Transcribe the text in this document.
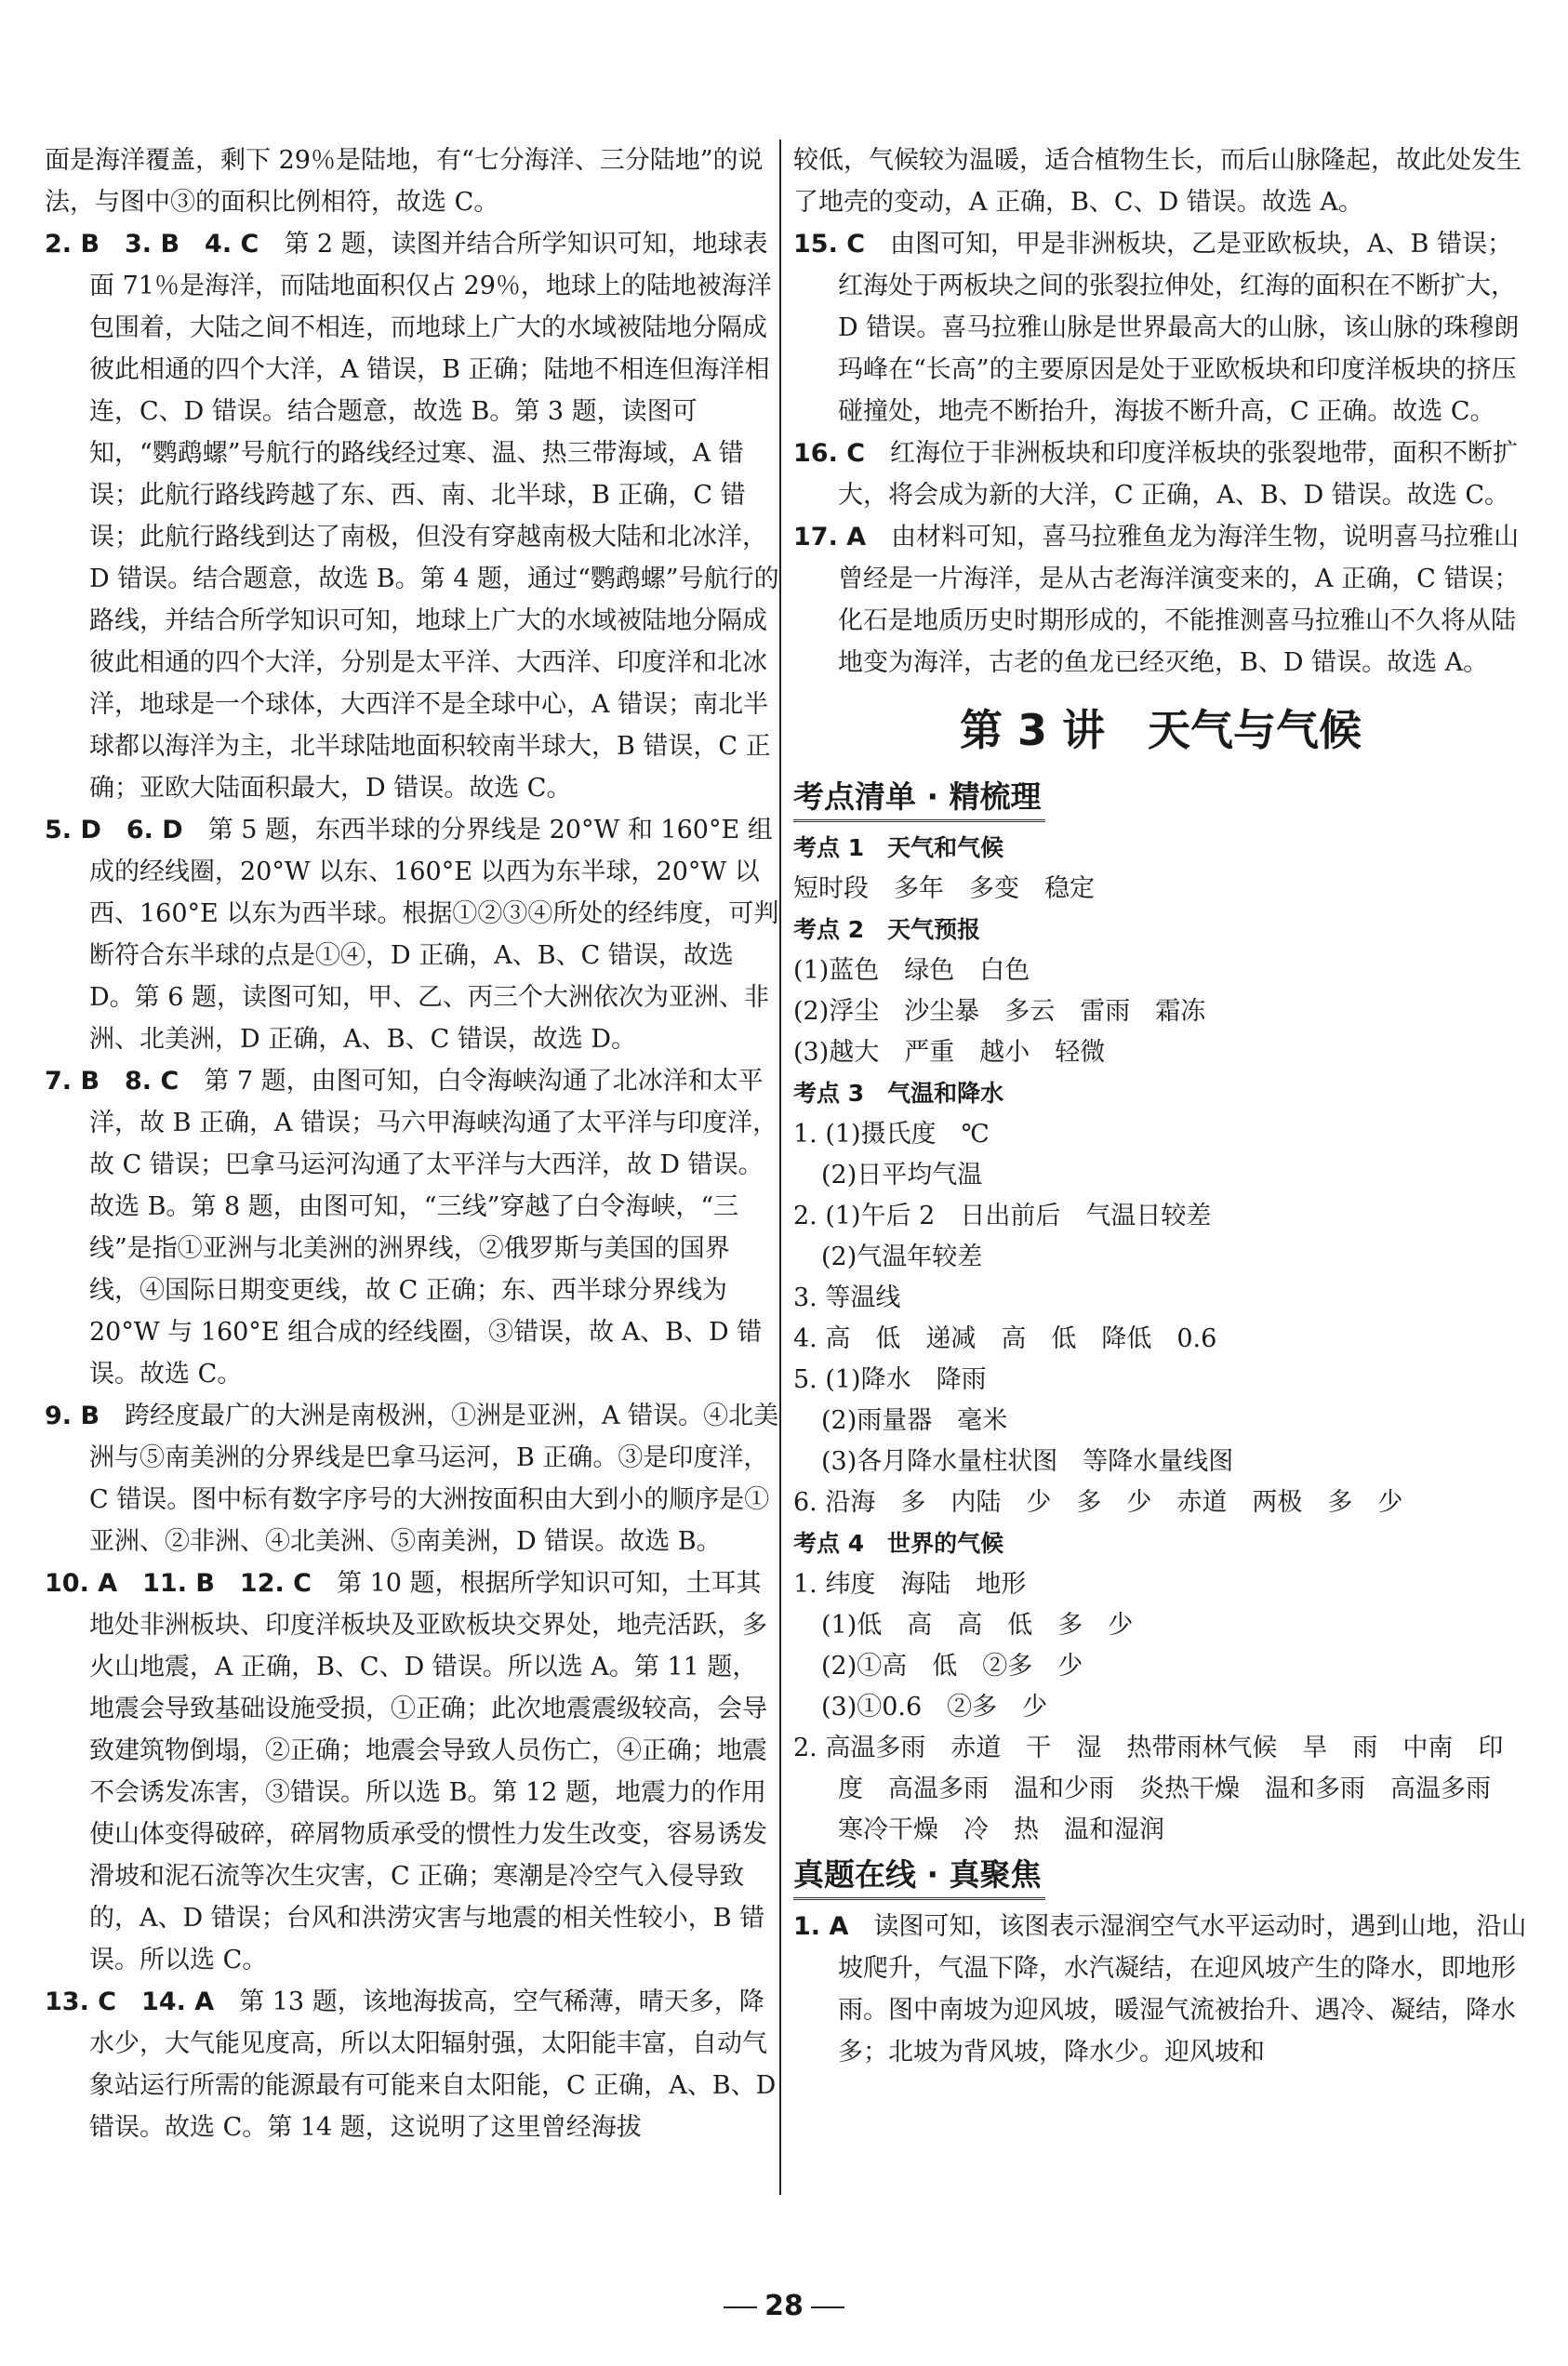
面是海洋覆盖，剩下 29％是陆地，有“七分海洋、三分陆地”的说法，与图中③的面积比例相符，故选 C。

2. B　3. B　4. C　 第 2 题，读图并结合所学知识可知，地球表面 71％是海洋，而陆地面积仅占 29％，地球上的陆地被海洋包围着，大陆之间不相连，而地球上广大的水域被陆地分隔成彼此相通的四个大洋，A 错误，B 正确；陆地不相连但海洋相连，C、D 错误。结合题意，故选 B。第 3 题，读图可知，“鹦鹉螺”号航行的路线经过寒、温、热三带海域，A 错误；此航行路线跨越了东、西、南、北半球，B 正确，C 错误；此航行路线到达了南极，但没有穿越南极大陆和北冰洋，D 错误。结合题意，故选 B。第 4 题，通过“鹦鹉螺”号航行的路线，并结合所学知识可知，地球上广大的水域被陆地分隔成彼此相通的四个大洋，分别是太平洋、大西洋、印度洋和北冰洋，地球是一个球体，大西洋不是全球中心，A 错误；南北半球都以海洋为主，北半球陆地面积较南半球大，B 错误，C 正确；亚欧大陆面积最大，D 错误。故选 C。

5. D　6. D　 第 5 题，东西半球的分界线是 20°W 和 160°E 组成的经线圈，20°W 以东、160°E 以西为东半球，20°W 以西、160°E 以东为西半球。根据①②③④所处的经纬度，可判断符合东半球的点是①④，D 正确，A、B、C 错误，故选 D。第 6 题，读图可知，甲、乙、丙三个大洲依次为亚洲、非洲、北美洲，D 正确，A、B、C 错误，故选 D。

7. B　8. C　 第 7 题，由图可知，白令海峡沟通了北冰洋和太平洋，故 B 正确，A 错误；马六甲海峡沟通了太平洋与印度洋，故 C 错误；巴拿马运河沟通了太平洋与大西洋，故 D 错误。故选 B。第 8 题，由图可知，“三线”穿越了白令海峡，“三线”是指①亚洲与北美洲的洲界线，②俄罗斯与美国的国界线，④国际日期变更线，故 C 正确；东、西半球分界线为 20°W 与 160°E 组合成的经线圈，③错误，故 A、B、D 错误。故选 C。

9. B　 跨经度最广的大洲是南极洲，①洲是亚洲，A 错误。④北美洲与⑤南美洲的分界线是巴拿马运河，B 正确。③是印度洋，C 错误。图中标有数字序号的大洲按面积由大到小的顺序是①亚洲、②非洲、④北美洲、⑤南美洲，D 错误。故选 B。

10. A　11. B　12. C　 第 10 题，根据所学知识可知，土耳其地处非洲板块、印度洋板块及亚欧板块交界处，地壳活跃，多火山地震，A 正确，B、C、D 错误。所以选 A。第 11 题，地震会导致基础设施受损，①正确；此次地震震级较高，会导致建筑物倒塌，②正确；地震会导致人员伤亡，④正确；地震不会诱发冻害，③错误。所以选 B。第 12 题，地震力的作用使山体变得破碎，碎屑物质承受的惯性力发生改变，容易诱发滑坡和泥石流等次生灾害，C 正确；寒潮是冷空气入侵导致的，A、D 错误；台风和洪涝灾害与地震的相关性较小，B 错误。所以选 C。

13. C　14. A　 第 13 题，该地海拔高，空气稀薄，晴天多，降水少，大气能见度高，所以太阳辐射强，太阳能丰富，自动气象站运行所需的能源最有可能来自太阳能，C 正确，A、B、D 错误。故选 C。第 14 题，这说明了这里曾经海拔

较低，气候较为温暖，适合植物生长，而后山脉隆起，故此处发生了地壳的变动，A 正确，B、C、D 错误。故选 A。

15. C　 由图可知，甲是非洲板块，乙是亚欧板块，A、B 错误；红海处于两板块之间的张裂拉伸处，红海的面积在不断扩大，D 错误。喜马拉雅山脉是世界最高大的山脉，该山脉的珠穆朗玛峰在“长高”的主要原因是处于亚欧板块和印度洋板块的挤压碰撞处，地壳不断抬升，海拔不断升高，C 正确。故选 C。

16. C　 红海位于非洲板块和印度洋板块的张裂地带，面积不断扩大，将会成为新的大洋，C 正确，A、B、D 错误。故选 C。

17. A　 由材料可知，喜马拉雅鱼龙为海洋生物，说明喜马拉雅山曾经是一片海洋，是从古老海洋演变来的，A 正确，C 错误；化石是地质历史时期形成的，不能推测喜马拉雅山不久将从陆地变为海洋，古老的鱼龙已经灭绝，B、D 错误。故选 A。

第 3 讲　天气与气候
考点清单 · 精梳理
考点 1　天气和气候
短时段　多年　多变　稳定
考点 2　天气预报
(1)蓝色　绿色　白色
(2)浮尘　沙尘暴　多云　雷雨　霜冻
(3)越大　严重　越小　轻微
考点 3　气温和降水
1. (1)摄氏度　℃
(2)日平均气温
2. (1)午后 2　日出前后　气温日较差
(2)气温年较差
3. 等温线
4. 高　低　递减　高　低　降低　0.6
5. (1)降水　降雨
(2)雨量器　毫米
(3)各月降水量柱状图　等降水量线图
6. 沿海　多　内陆　少　多　少　赤道　两极　多　少
考点 4　世界的气候
1. 纬度　海陆　地形
(1)低　高　高　低　多　少
(2)①高　低　②多　少
(3)①0.6　②多　少

2. 高温多雨　赤道　干　湿　热带雨林气候　旱　雨　中南　印度　高温多雨　温和少雨　炎热干燥　温和多雨　高温多雨　寒冷干燥　冷　热　温和湿润

真题在线 · 真聚焦

1. A　 读图可知，该图表示湿润空气水平运动时，遇到山地，沿山坡爬升，气温下降，水汽凝结，在迎风坡产生的降水，即地形雨。图中南坡为迎风坡，暖湿气流被抬升、遇冷、凝结，降水多；北坡为背风坡，降水少。迎风坡和

28
